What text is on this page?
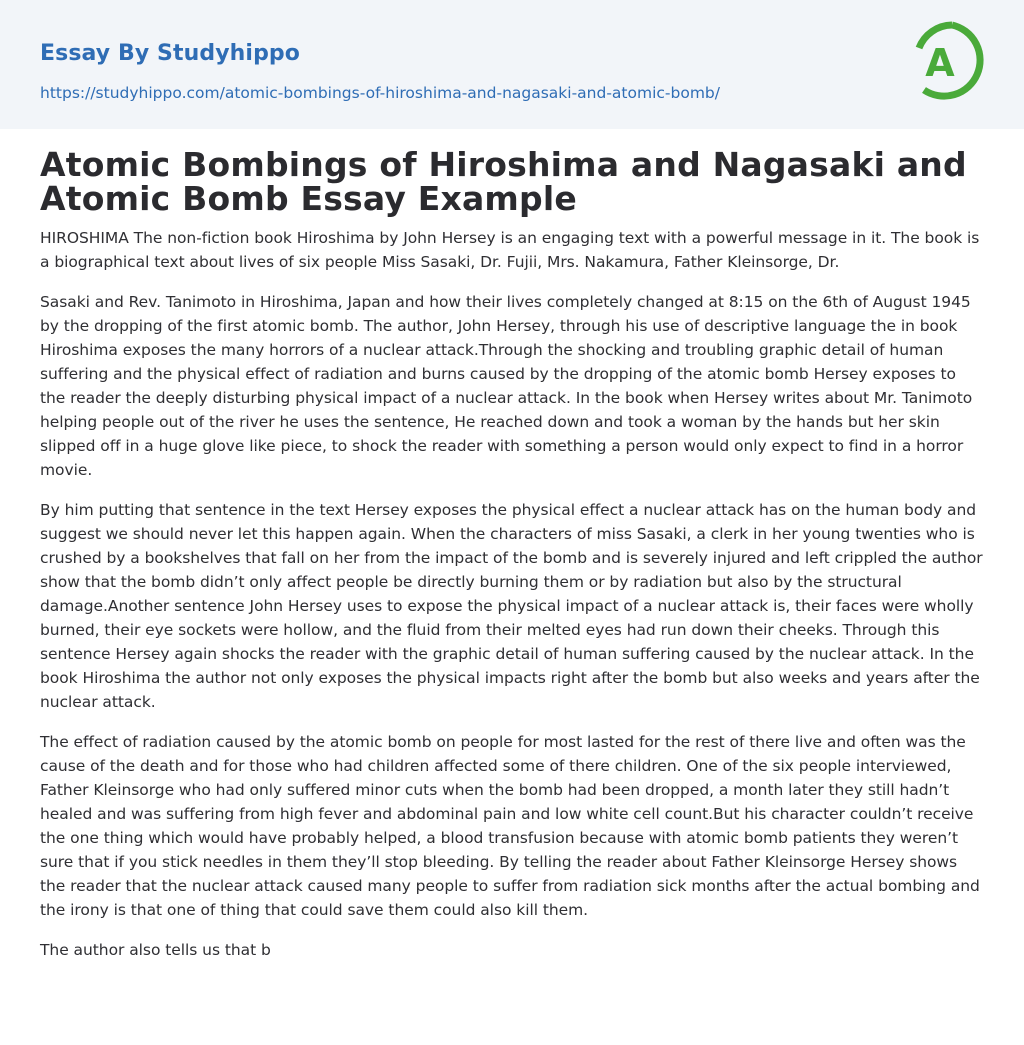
Essay By Studyhippo
https://studyhippo.com/atomic-bombings-of-hiroshima-and-nagasaki-and-atomic-bomb/
A
Atomic Bombings of Hiroshima and Nagasaki and Atomic Bomb Essay Example

HIROSHIMA The non-fiction book Hiroshima by John Hersey is an engaging text with a powerful message in it. The book is a biographical text about lives of six people Miss Sasaki, Dr. Fujii, Mrs. Nakamura, Father Kleinsorge, Dr.

Sasaki and Rev. Tanimoto in Hiroshima, Japan and how their lives completely changed at 8:15 on the 6th of August 1945 by the dropping of the first atomic bomb. The author, John Hersey, through his use of descriptive language the in book Hiroshima exposes the many horrors of a nuclear attack.Through the shocking and troubling graphic detail of human suffering and the physical effect of radiation and burns caused by the dropping of the atomic bomb Hersey exposes to the reader the deeply disturbing physical impact of a nuclear attack. In the book when Hersey writes about Mr. Tanimoto helping people out of the river he uses the sentence, He reached down and took a woman by the hands but her skin slipped off in a huge glove like piece, to shock the reader with something a person would only expect to find in a horror movie.

By him putting that sentence in the text Hersey exposes the physical effect a nuclear attack has on the human body and suggest we should never let this happen again. When the characters of miss Sasaki, a clerk in her young twenties who is crushed by a bookshelves that fall on her from the impact of the bomb and is severely injured and left crippled the author show that the bomb didn’t only affect people be directly burning them or by radiation but also by the structural damage.Another sentence John Hersey uses to expose the physical impact of a nuclear attack is, their faces were wholly burned, their eye sockets were hollow, and the fluid from their melted eyes had run down their cheeks. Through this sentence Hersey again shocks the reader with the graphic detail of human suffering caused by the nuclear attack. In the book Hiroshima the author not only exposes the physical impacts right after the bomb but also weeks and years after the nuclear attack.

The effect of radiation caused by the atomic bomb on people for most lasted for the rest of there live and often was the cause of the death and for those who had children affected some of there children. One of the six people interviewed, Father Kleinsorge who had only suffered minor cuts when the bomb had been dropped, a month later they still hadn’t healed and was suffering from high fever and abdominal pain and low white cell count.But his character couldn’t receive the one thing which would have probably helped, a blood transfusion because with atomic bomb patients they weren’t sure that if you stick needles in them they’ll stop bleeding. By telling the reader about Father Kleinsorge Hersey shows the reader that the nuclear attack caused many people to suffer from radiation sick months after the actual bombing and the irony is that one of thing that could save them could also kill them.

The author also tells us that b
